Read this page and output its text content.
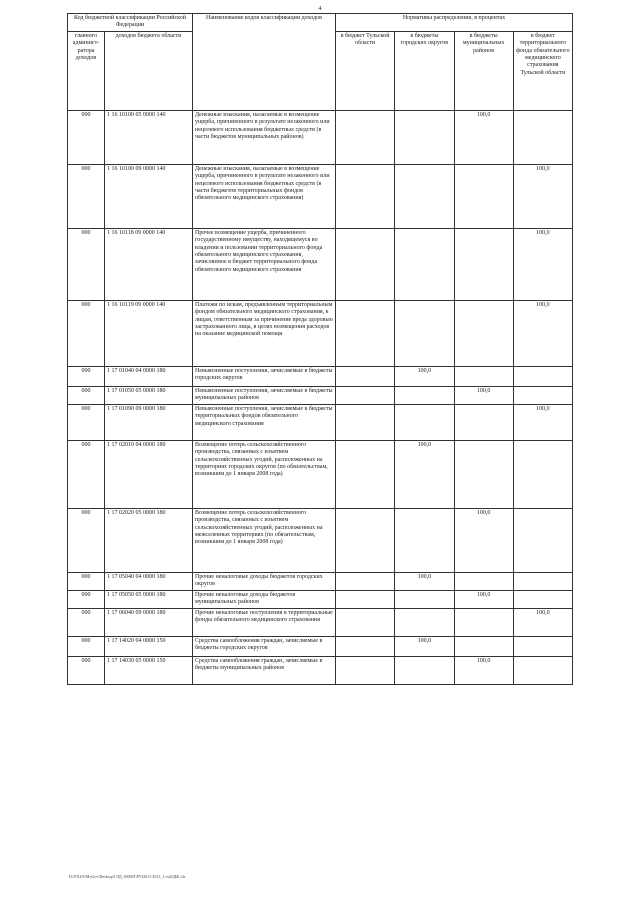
4
Код бюджетной классификации Российской Федерации		Наименование кодов классификации доходов	Нормативы распределения, в процентах			
главного админист-ратора доходов	доходов бюджета области		в бюджет Тульской области	в бюджеты городских округов	в бюджеты муниципальных районов	в бюджет территориального фонда обязательного медицинского страхования Тульской области
000	1 16 10100 05 0000 140	Денежные взыскания, налагаемые в возмещение ущерба, причиненного в результате незаконного или нецелевого использования бюджетных средств (в части бюджетов муниципальных районов)			100,0	
000	1 16 10100 09 0000 140	Денежные взыскания, налагаемые в возмещение ущерба, причиненного в результате незаконного или нецелевого использования бюджетных средств (в части бюджетов территориальных фондов обязательного медицинского страхования)				100,0
000	1 16 10118 09 0000 140	Прочее возмещение ущерба, причиненного государственному имуществу, находящемуся во владении и пользовании территориального фонда обязательного медицинского страхования, зачисляемое в бюджет территориального фонда обязательного медицинского страхования				100,0
000	1 16 10119 09 0000 140	Платежи по искам, предъявленным территориальным фондом обязательного медицинского страхования, к лицам, ответственным за причинение вреда здоровью застрахованного лица, в целях возмещения расходов на оказание медицинской помощи				100,0
000	1 17 01040 04 0000 180	Невыясненные поступления, зачисляемые в бюджеты городских округов		100,0		
000	1 17 01050 05 0000 180	Невыясненные поступления, зачисляемые в бюджеты муниципальных районов			100,0	
000	1 17 01090 09 0000 180	Невыясненные поступления, зачисляемые в бюджеты территориальных фондов обязательного медицинского страхования				100,0
000	1 17 02010 04 0000 180	Возмещение потерь сельскохозяйственного производства, связанных с изъятием сельскохозяйственных угодий, расположенных на территориях городских округов (по обязательствам, возникшим до 1 января 2008 года)		100,0		
000	1 17 02020 05 0000 180	Возмещение потерь сельскохозяйственного производства, связанных с изъятием сельскохозяйственных угодий, расположенных на межселенных территориях (по обязательствам, возникшим до 1 января 2008 года)			100,0	
000	1 17 05040 04 0000 180	Прочие неналоговые доходы бюджетов городских округов		100,0		
000	1 17 05050 05 0000 180	Прочие неналоговые доходы бюджетов муниципальных районов			100,0	
000	1 17 06040 09 0000 180	Прочие неналоговые поступления в территориальные фонды обязательного медицинского страхования				100,0
000	1 17 14020 04 0000 150	Средства самообложения граждан, зачисляемые в бюджеты городских округов		100,0		
000	1 17 14030 05 0000 150	Средства самообложения граждан, зачисляемые в бюджеты муниципальных районов			100,0	
D:\FILES\MyGov\Desktop\СЭД_000001\PYI2011-2013_1.vsd/ДБК.xls
